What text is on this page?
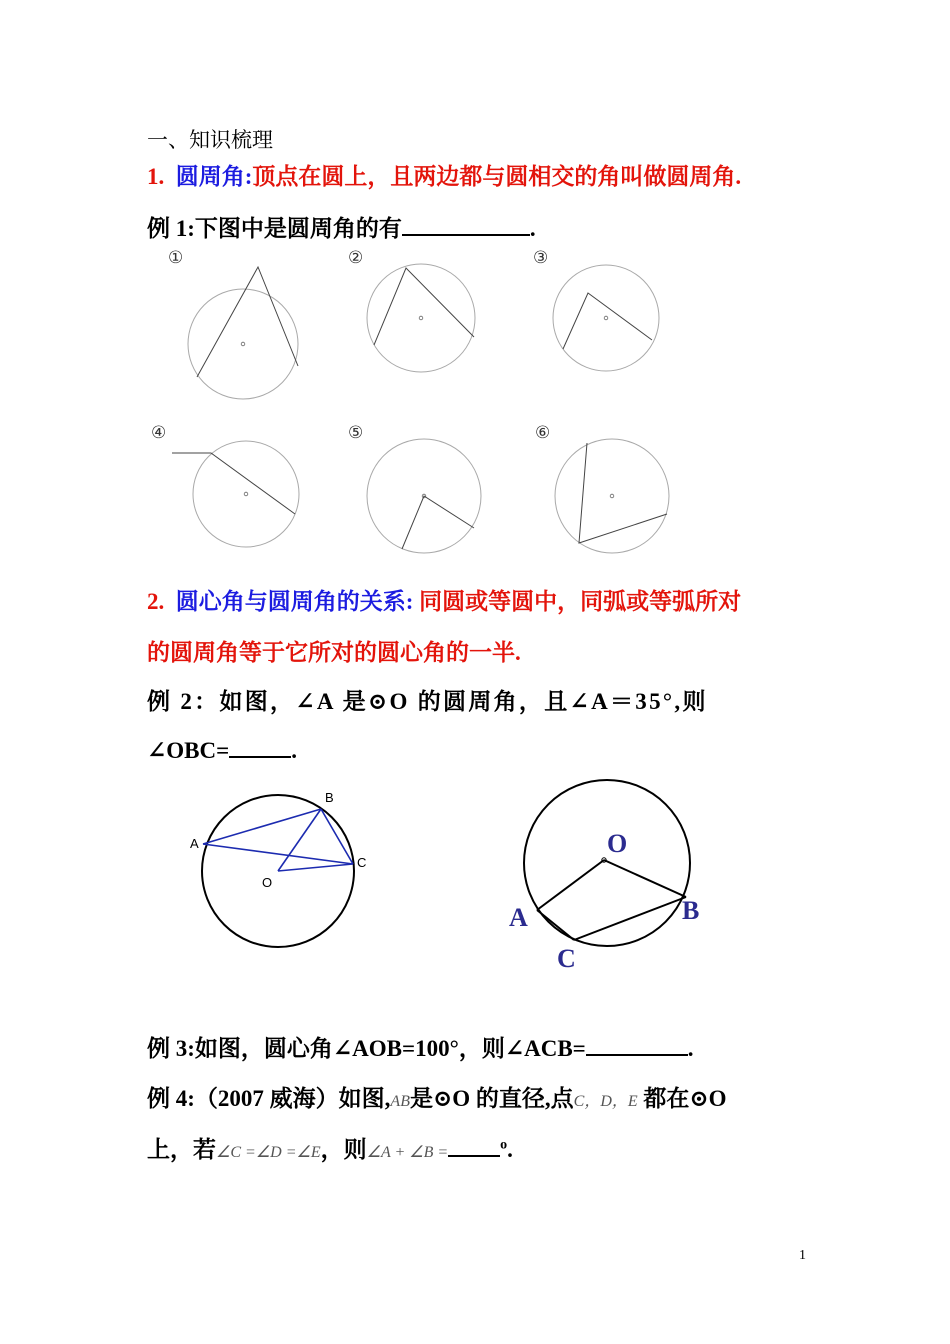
一、知识梳理
1. 圆周角:顶点在圆上，且两边都与圆相交的角叫做圆周角.
例 1:下图中是圆周角的有	.
①	②	③
④	⑤	⑥
2. 圆心角与圆周角的关系: 同圆或等圆中，同弧或等弧所对
的圆周角等于它所对的圆心角的一半.
例 2：如图，∠A 是⊙O 的圆周角，且∠A＝35°,则
∠OBC=	.
A
B
C
O
O
A	B
C
例 3:如图，圆心角∠AOB=100°，则∠ACB=	.
例 4:（2007 威海）如图,AB是⊙O 的直径,点C，D，E 都在⊙O
上，若∠C =∠D =∠E，则∠A + ∠B =	$^o$.
1
